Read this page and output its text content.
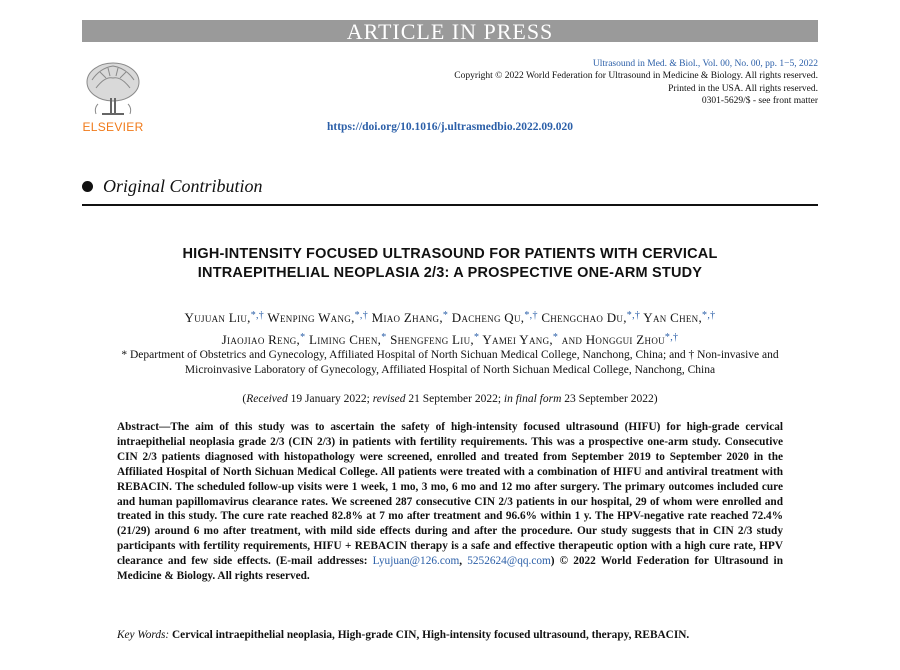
ARTICLE IN PRESS
ELSEVIER
Ultrasound in Med. & Biol., Vol. 00, No. 00, pp. 1−5, 2022
Copyright © 2022 World Federation for Ultrasound in Medicine & Biology. All rights reserved.
Printed in the USA. All rights reserved.
0301-5629/$ - see front matter
https://doi.org/10.1016/j.ultrasmedbio.2022.09.020
Original Contribution
HIGH-INTENSITY FOCUSED ULTRASOUND FOR PATIENTS WITH CERVICAL
INTRAEPITHELIAL NEOPLASIA 2/3: A PROSPECTIVE ONE-ARM STUDY
Yujuan Liu,*,† Wenping Wang,*,† Miao Zhang,* Dacheng Qu,*,† Chengchao Du,*,† Yan Chen,*,†
Jiaojiao Reng,* Liming Chen,* Shengfeng Liu,* Yamei Yang,* and Honggui Zhou*,†
* Department of Obstetrics and Gynecology, Affiliated Hospital of North Sichuan Medical College, Nanchong, China; and † Non-invasive and Microinvasive Laboratory of Gynecology, Affiliated Hospital of North Sichuan Medical College, Nanchong, China
(Received 19 January 2022; revised 21 September 2022; in final form 23 September 2022)
Abstract—The aim of this study was to ascertain the safety of high-intensity focused ultrasound (HIFU) for high-grade cervical intraepithelial neoplasia grade 2/3 (CIN 2/3) in patients with fertility requirements. This was a prospective one-arm study. Consecutive CIN 2/3 patients diagnosed with histopathology were screened, enrolled and treated from September 2019 to September 2020 in the Affiliated Hospital of North Sichuan Medical College. All patients were treated with a combination of HIFU and antiviral treatment with REBACIN. The scheduled follow-up visits were 1 week, 1 mo, 3 mo, 6 mo and 12 mo after surgery. The primary outcomes included cure and human papillomavirus clearance rates. We screened 287 consecutive CIN 2/3 patients in our hospital, 29 of whom were enrolled and treated in this study. The cure rate reached 82.8% at 7 mo after treatment and 96.6% within 1 y. The HPV-negative rate reached 72.4% (21/29) around 6 mo after treatment, with mild side effects during and after the procedure. Our study suggests that in CIN 2/3 study participants with fertility requirements, HIFU + REBACIN therapy is a safe and effective therapeutic option with a high cure rate, HPV clearance and few side effects. (E-mail addresses: Lyujuan@126.com, 5252624@qq.com) © 2022 World Federation for Ultrasound in Medicine & Biology. All rights reserved.
Key Words: Cervical intraepithelial neoplasia, High-grade CIN, High-intensity focused ultrasound, therapy, REBACIN.
